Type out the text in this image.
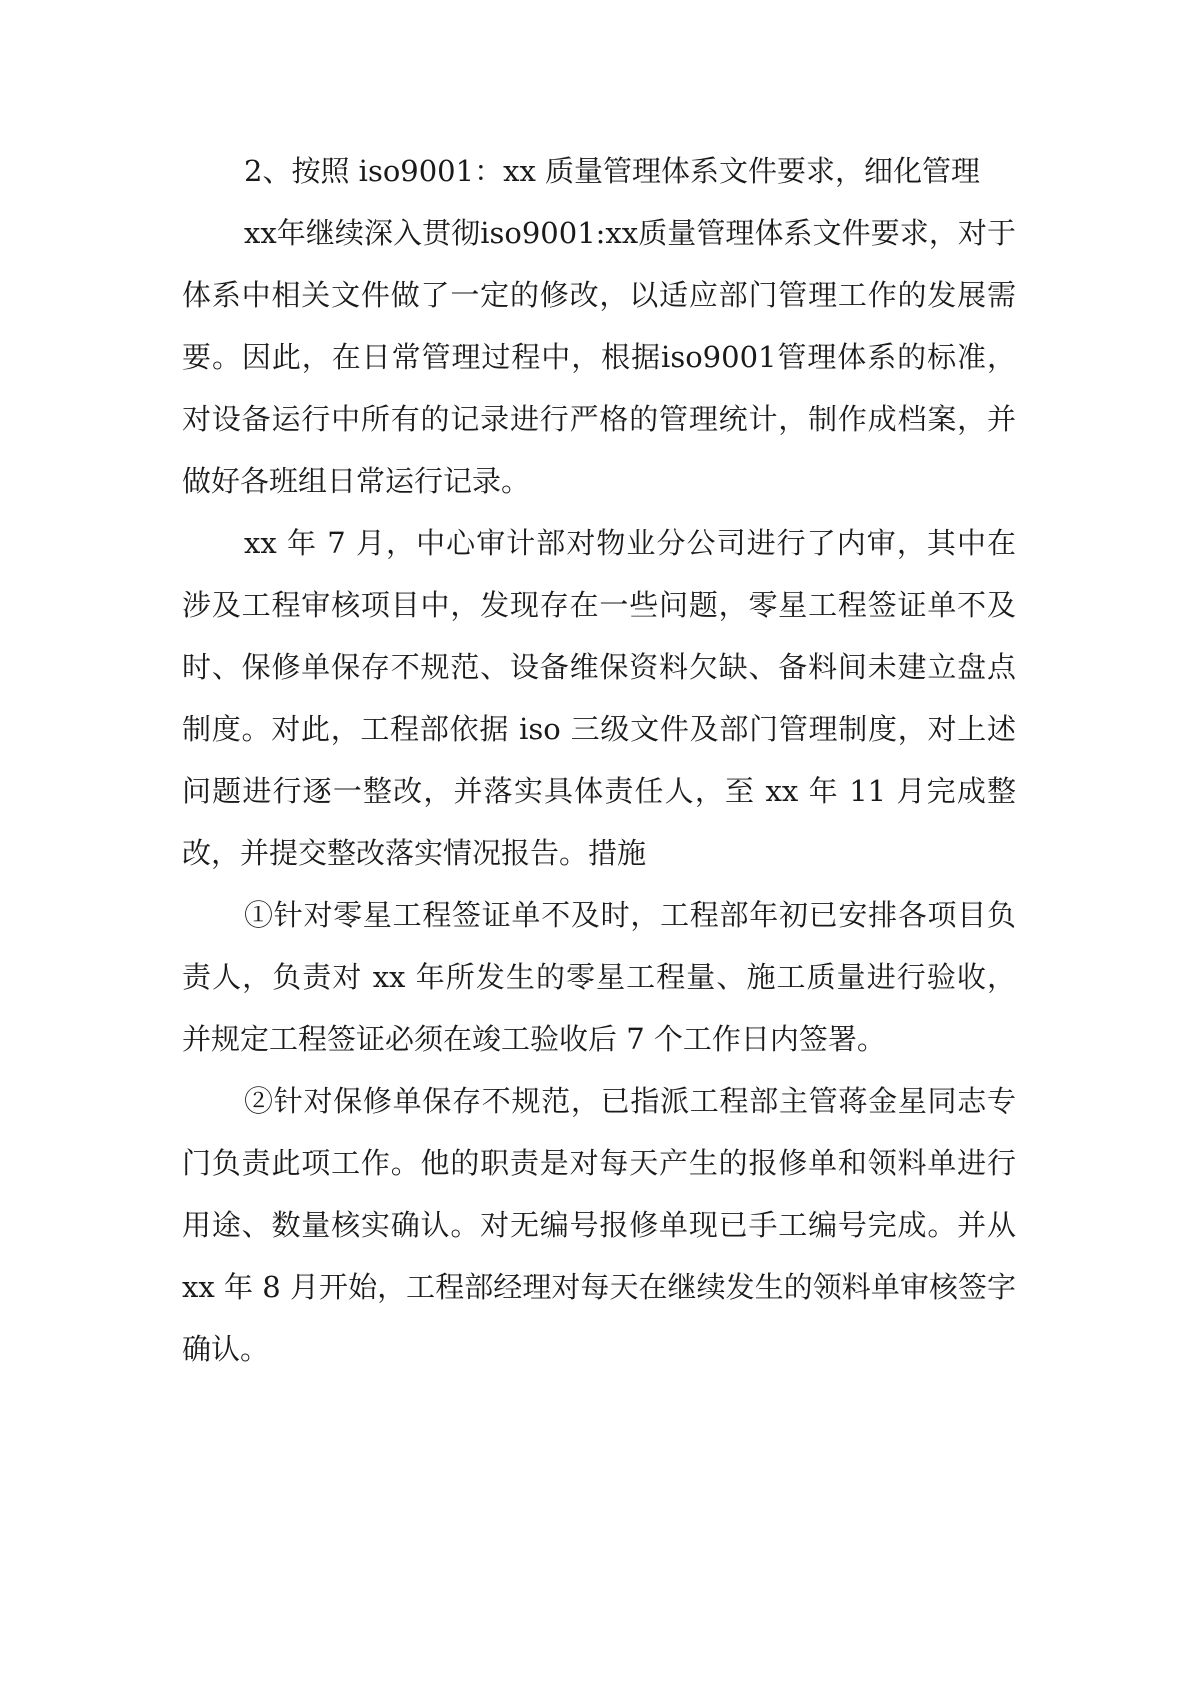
2、按照 iso9001：xx 质量管理体系文件要求，细化管理

xx年继续深入贯彻iso9001:xx质量管理体系文件要求，对于体系中相关文件做了一定的修改，以适应部门管理工作的发展需要。因此，在日常管理过程中，根据iso9001管理体系的标准，对设备运行中所有的记录进行严格的管理统计，制作成档案，并做好各班组日常运行记录。

xx 年 7 月，中心审计部对物业分公司进行了内审，其中在涉及工程审核项目中，发现存在一些问题，零星工程签证单不及时、保修单保存不规范、设备维保资料欠缺、备料间未建立盘点制度。对此，工程部依据 iso 三级文件及部门管理制度，对上述问题进行逐一整改，并落实具体责任人，至 xx 年 11 月完成整改，并提交整改落实情况报告。措施

①针对零星工程签证单不及时，工程部年初已安排各项目负责人，负责对 xx 年所发生的零星工程量、施工质量进行验收，并规定工程签证必须在竣工验收后 7 个工作日内签署。

②针对保修单保存不规范，已指派工程部主管蒋金星同志专门负责此项工作。他的职责是对每天产生的报修单和领料单进行用途、数量核实确认。对无编号报修单现已手工编号完成。并从 xx 年 8 月开始，工程部经理对每天在继续发生的领料单审核签字确认。
